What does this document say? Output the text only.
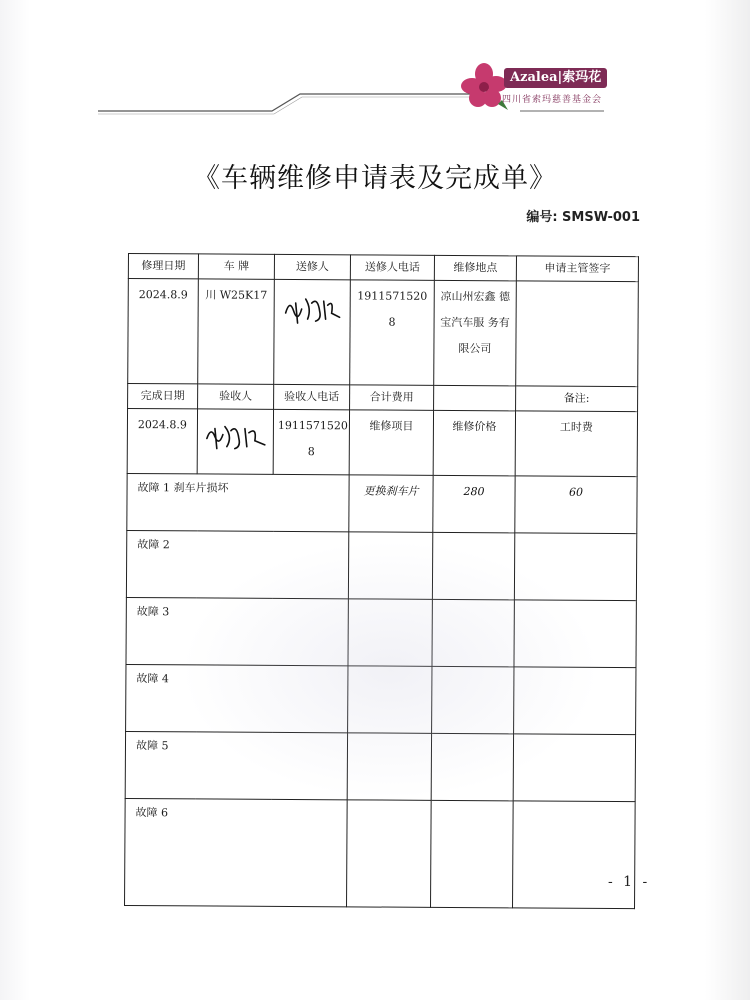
Azalea|索玛花
四川省索玛慈善基金会
《车辆维修申请表及完成单》
编号: SMSW-001
修理日期	车 牌	送修人	送修人电话	维修地点	申请主管签字
2024.8.9	川 W25K17		1911571520 8	凉山州宏鑫 德宝汽车服 务有限公司	
完成日期	验收人	验收人电话	合计费用		备注:
2024.8.9		1911571520 8	维修项目	维修价格	工时费
故障 1 刹车片损坏			更换刹车片	280	60
故障 2					
故障 3					
故障 4					
故障 5					
故障 6					
- 1 -
